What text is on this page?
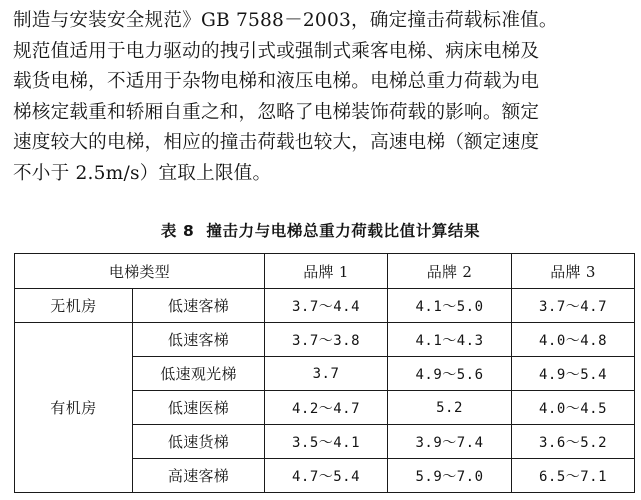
制造与安装安全规范》GB 7588－2003，确定撞击荷载标准值。
规范值适用于电力驱动的拽引式或强制式乘客电梯、病床电梯及
载货电梯，不适用于杂物电梯和液压电梯。电梯总重力荷载为电
梯核定载重和轿厢自重之和，忽略了电梯装饰荷载的影响。额定
速度较大的电梯，相应的撞击荷载也较大，高速电梯（额定速度
不小于 2.5m/s）宜取上限值。

表 8 撞击力与电梯总重力荷载比值计算结果

电梯类型		品牌 1	品牌 2	品牌 3
无机房	低速客梯	3.7～4.4	4.1～5.0	3.7～4.7
有机房	低速客梯	3.7～3.8	4.1～4.3	4.0～4.8
	低速观光梯	3.7	4.9～5.6	4.9～5.4
	低速医梯	4.2～4.7	5.2	4.0～4.5
	低速货梯	3.5～4.1	3.9～7.4	3.6～5.2
	高速客梯	4.7～5.4	5.9～7.0	6.5～7.1
